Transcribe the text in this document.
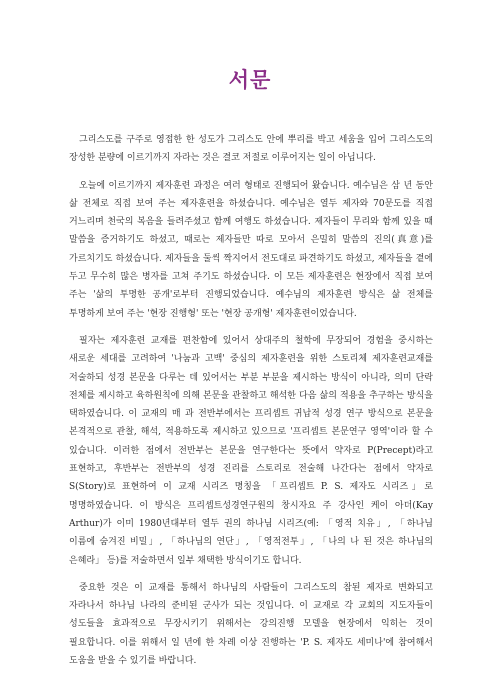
서문

그리스도를 구주로 영접한 한 성도가 그리스도 안에 뿌리를 박고 세움을 입어 그리스도의 장성한 분량에 이르기까지 자라는 것은 결코 저절로 이루어지는 일이 아닙니다.

오늘에 이르기까지 제자훈련 과정은 여러 형태로 진행되어 왔습니다. 예수님은 삼 년 동안 삶 전체로 직접 보여 주는 제자훈련을 하셨습니다. 예수님은 열두 제자와 70문도를 직접 거느리며 천국의 복음을 들려주셨고 함께 여행도 하셨습니다. 제자들이 무리와 함께 있을 때 말씀을 증거하기도 하셨고, 때로는 제자들만 따로 모아서 은밀히 말씀의 진의(真意)를 가르치기도 하셨습니다. 제자들을 둘씩 짝지어서 전도대로 파견하기도 하셨고, 제자들을 곁에 두고 무수히 많은 병자를 고쳐 주기도 하셨습니다. 이 모든 제자훈련은 현장에서 직접 보여 주는 '삶의 투명한 공개'로부터 진행되었습니다. 예수님의 제자훈련 방식은 삶 전체를 투명하게 보여 주는 '현장 진행형' 또는 '현장 공개형' 제자훈련이었습니다.

필자는 제자훈련 교재를 편찬함에 있어서 상대주의 철학에 무장되어 경험을 중시하는 새로운 세대를 고려하여 '나눔과 고백' 중심의 제자훈련을 위한 스토리체 제자훈련교재를 저술하되 성경 본문을 다루는 데 있어서는 부분 부분을 제시하는 방식이 아니라, 의미 단락 전체를 제시하고 육하원칙에 의해 본문을 관찰하고 해석한 다음 삶의 적용을 추구하는 방식을 택하였습니다. 이 교재의 매 과 전반부에서는 프리셉트 귀납적 성경 연구 방식으로 본문을 본격적으로 관찰, 해석, 적용하도록 제시하고 있으므로 '프리셉트 본문연구 영역'이라 할 수 있습니다. 이러한 점에서 전반부는 본문을 연구한다는 뜻에서 약자로 P(Precept)라고 표현하고, 후반부는 전반부의 성경 진리를 스토리로 전술해 나간다는 점에서 약자로 S(Story)로 표현하여 이 교재 시리즈 명칭을 「프리셉트 P. S. 제자도 시리즈」로 명명하였습니다. 이 방식은 프리셉트성경연구원의 창시자요 주 강사인 케이 아더(Kay Arthur)가 이미 1980년대부터 열두 권의 하나님 시리즈(예: 「영적 치유」, 「하나님 이름에 숨겨진 비밀」, 「하나님의 연단」, 「영적전투」, 「나의 나 된 것은 하나님의 은혜라」 등)를 저술하면서 일부 채택한 방식이기도 합니다.

중요한 것은 이 교재를 통해서 하나님의 사람들이 그리스도의 참된 제자로 변화되고 자라나서 하나님 나라의 준비된 군사가 되는 것입니다. 이 교재로 각 교회의 지도자들이 성도들을 효과적으로 무장시키기 위해서는 강의진행 모델을 현장에서 익히는 것이 필요합니다. 이를 위해서 일 년에 한 차례 이상 진행하는 'P. S. 제자도 세미나'에 참여해서 도움을 받을 수 있기를 바랍니다.
